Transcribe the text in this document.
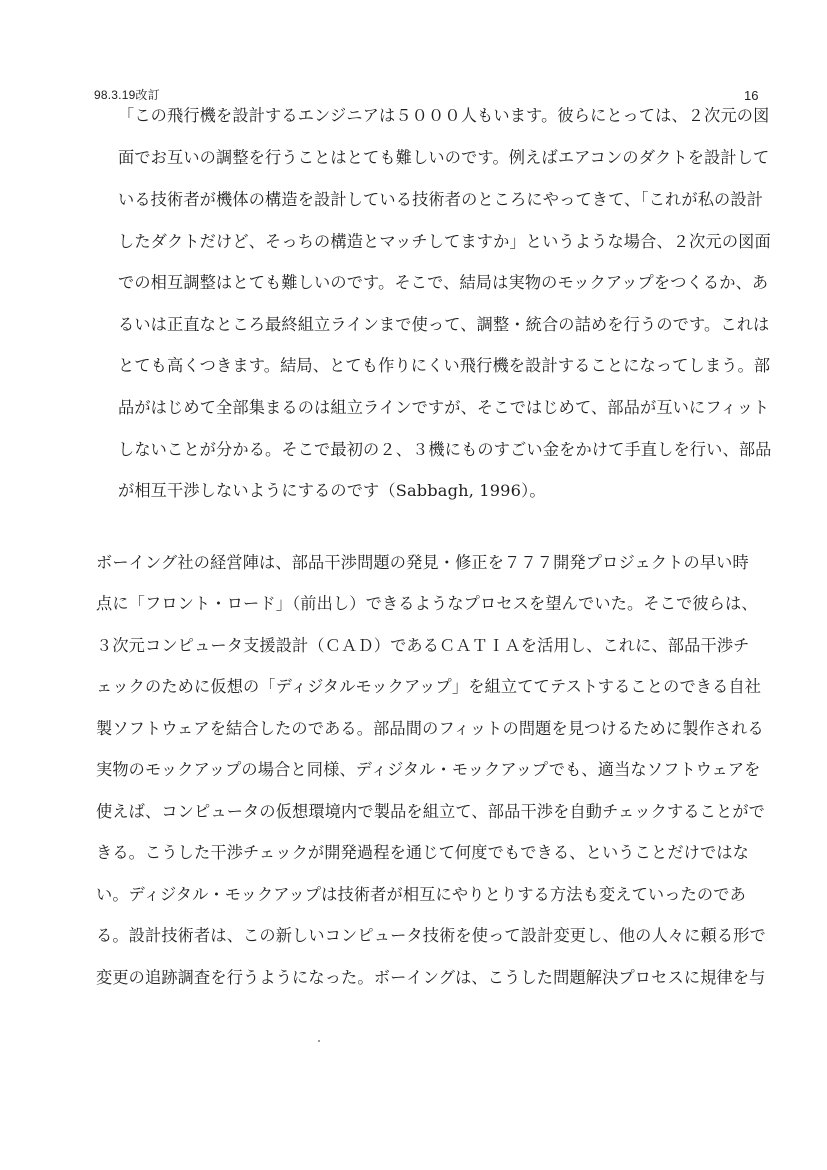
98.3.19改訂	16
「この飛行機を設計するエンジニアは５０００人もいます。彼らにとっては、２次元の図
面でお互いの調整を行うことはとても難しいのです。例えばエアコンのダクトを設計して
いる技術者が機体の構造を設計している技術者のところにやってきて、「これが私の設計
したダクトだけど、そっちの構造とマッチしてますか」というような場合、２次元の図面
での相互調整はとても難しいのです。そこで、結局は実物のモックアップをつくるか、あ
るいは正直なところ最終組立ラインまで使って、調整・統合の詰めを行うのです。これは
とても高くつきます。結局、とても作りにくい飛行機を設計することになってしまう。部
品がはじめて全部集まるのは組立ラインですが、そこではじめて、部品が互いにフィット
しないことが分かる。そこで最初の２、３機にものすごい金をかけて手直しを行い、部品
が相互干渉しないようにするのです（Sabbagh, 1996）。
ボーイング社の経営陣は、部品干渉問題の発見・修正を７７７開発プロジェクトの早い時
点に「フロント・ロード」（前出し）できるようなプロセスを望んでいた。そこで彼らは、
３次元コンピュータ支援設計（ＣＡＤ）であるＣＡＴＩＡを活用し、これに、部品干渉チ
ェックのために仮想の「ディジタルモックアップ」を組立ててテストすることのできる自社
製ソフトウェアを結合したのである。部品間のフィットの問題を見つけるために製作される
実物のモックアップの場合と同様、ディジタル・モックアップでも、適当なソフトウェアを
使えば、コンピュータの仮想環境内で製品を組立て、部品干渉を自動チェックすることがで
きる。こうした干渉チェックが開発過程を通じて何度でもできる、ということだけではな
い。ディジタル・モックアップは技術者が相互にやりとりする方法も変えていったのであ
る。設計技術者は、この新しいコンピュータ技術を使って設計変更し、他の人々に頼る形で
変更の追跡調査を行うようになった。ボーイングは、こうした問題解決プロセスに規律を与
